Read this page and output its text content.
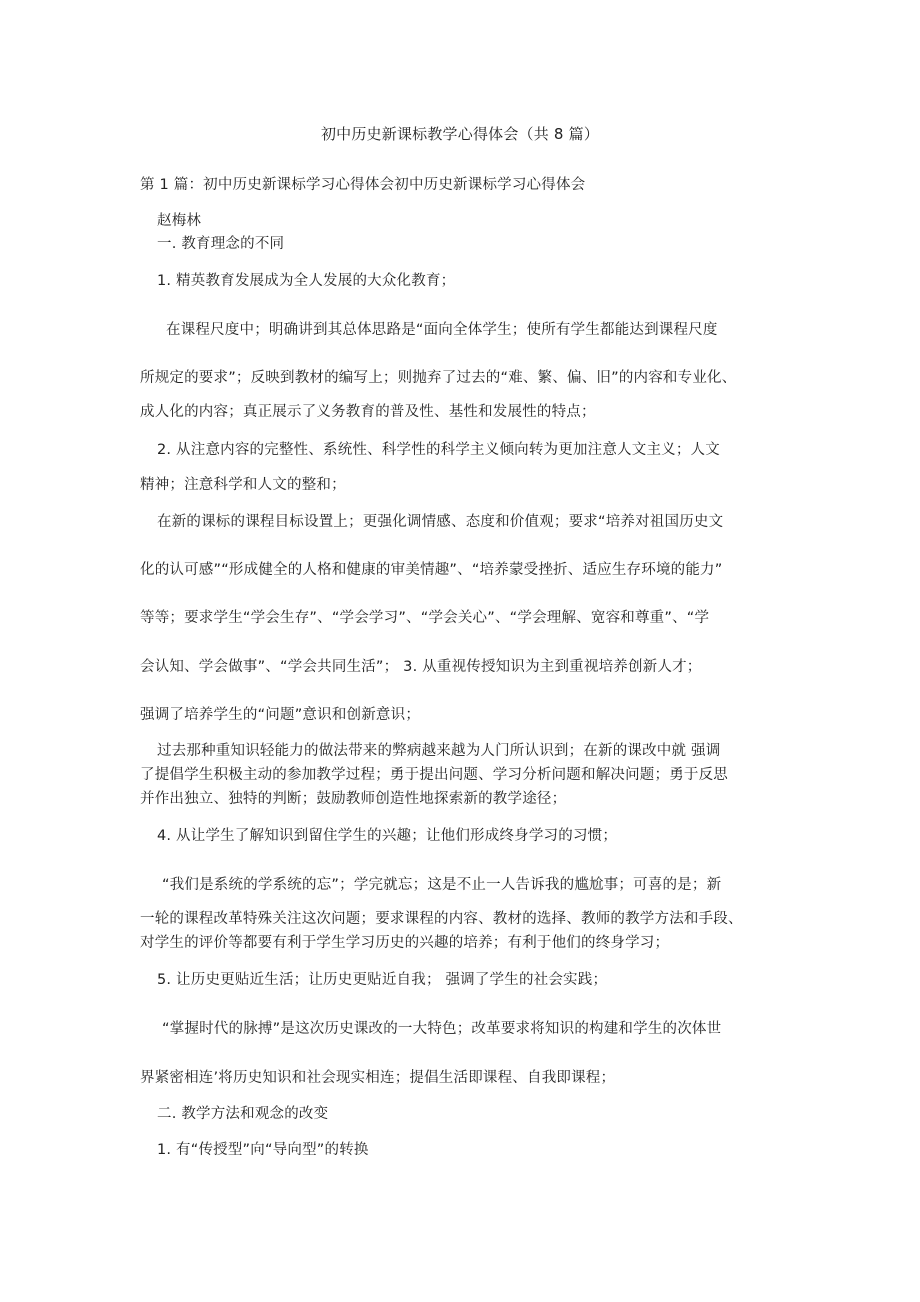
初中历史新课标教学心得体会（共 8 篇）
第 1 篇：初中历史新课标学习心得体会初中历史新课标学习心得体会
赵梅林
一. 教育理念的不同
1. 精英教育发展成为全人发展的大众化教育；
在课程尺度中；明确讲到其总体思路是“面向全体学生；使所有学生都能达到课程尺度
所规定的要求”；反映到教材的编写上；则抛弃了过去的“难、繁、偏、旧”的内容和专业化、
成人化的内容；真正展示了义务教育的普及性、基性和发展性的特点；
2. 从注意内容的完整性、系统性、科学性的科学主义倾向转为更加注意人文主义；人文
精神；注意科学和人文的整和；
在新的课标的课程目标设置上；更强化调情感、态度和价值观；要求“培养对祖国历史文
化的认可感”“形成健全的人格和健康的审美情趣”、“培养蒙受挫折、适应生存环境的能力”
等等；要求学生“学会生存”、“学会学习”、“学会关心”、“学会理解、宽容和尊重”、“学
会认知、学会做事”、“学会共同生活”； 3. 从重视传授知识为主到重视培养创新人才；
强调了培养学生的“问题”意识和创新意识；
过去那种重知识轻能力的做法带来的弊病越来越为人门所认识到；在新的课改中就 强调
了提倡学生积极主动的参加教学过程；勇于提出问题、学习分析问题和解决问题；勇于反思
并作出独立、独特的判断；鼓励教师创造性地探索新的教学途径；
4. 从让学生了解知识到留住学生的兴趣；让他们形成终身学习的习惯；
“我们是系统的学系统的忘”；学完就忘；这是不止一人告诉我的尴尬事；可喜的是；新
一轮的课程改革特殊关注这次问题；要求课程的内容、教材的选择、教师的教学方法和手段、
对学生的评价等都要有利于学生学习历史的兴趣的培养；有利于他们的终身学习；
5. 让历史更贴近生活；让历史更贴近自我； 强调了学生的社会实践；
“掌握时代的脉搏”是这次历史课改的一大特色；改革要求将知识的构建和学生的次体世
界紧密相连’将历史知识和社会现实相连；提倡生活即课程、自我即课程；
二. 教学方法和观念的改变
1. 有“传授型”向“导向型”的转换
